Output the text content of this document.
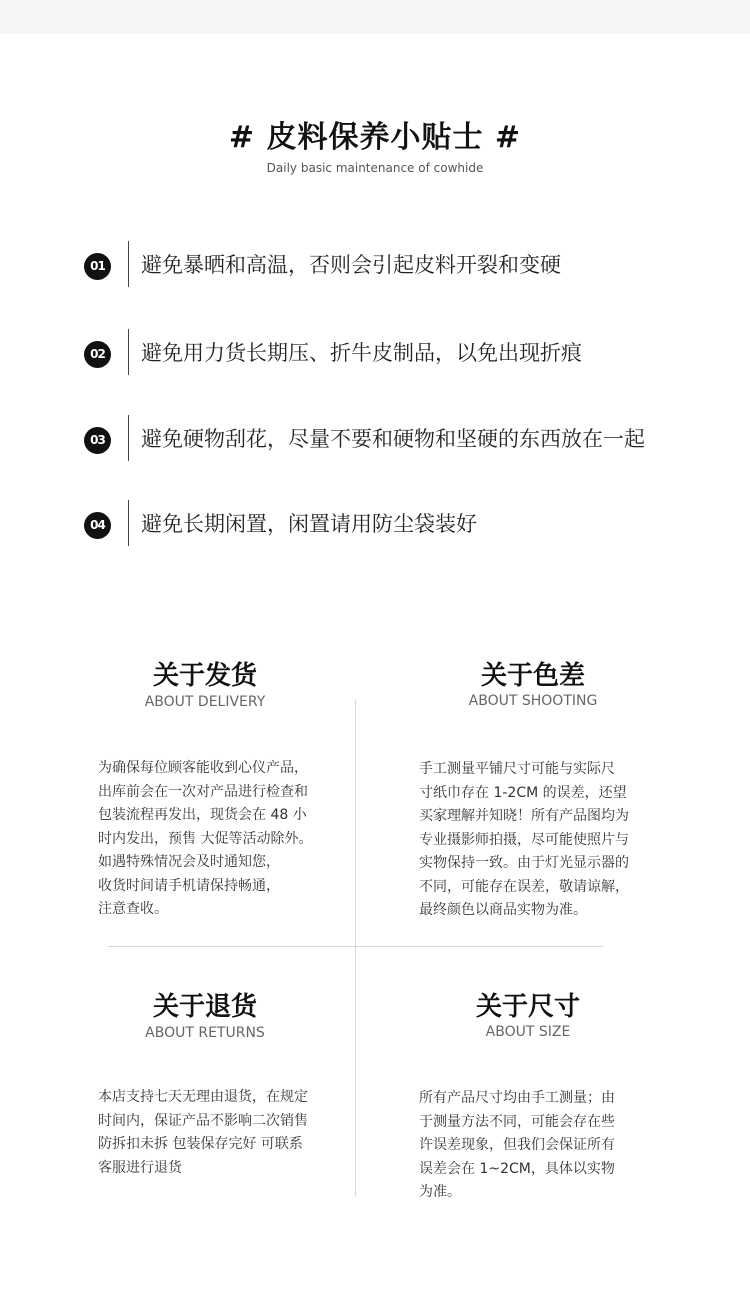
# 皮料保养小贴士 #
Daily basic maintenance of cowhide
01 避免暴晒和高温，否则会引起皮料开裂和变硬
02 避免用力货长期压、折牛皮制品，以免出现折痕
03 避免硬物刮花，尽量不要和硬物和坚硬的东西放在一起
04 避免长期闲置，闲置请用防尘袋装好
关于发货
ABOUT DELIVERY
为确保每位顾客能收到心仪产品，
出库前会在一次对产品进行检查和
包装流程再发出，现货会在 48 小
时内发出，预售 大促等活动除外。
如遇特殊情况会及时通知您，
收货时间请手机请保持畅通，
注意查收。
关于色差
ABOUT SHOOTING
手工测量平铺尺寸可能与实际尺
寸纸巾存在 1-2CM 的误差，还望
买家理解并知晓！所有产品图均为
专业摄影师拍摄，尽可能使照片与
实物保持一致。由于灯光显示器的
不同，可能存在误差，敬请谅解，
最终颜色以商品实物为准。
关于退货
ABOUT RETURNS
本店支持七天无理由退货，在规定
时间内，保证产品不影响二次销售
防拆扣未拆 包装保存完好 可联系
客服进行退货
关于尺寸
ABOUT SIZE
所有产品尺寸均由手工测量；由
于测量方法不同，可能会存在些
许误差现象，但我们会保证所有
误差会在 1~2CM，具体以实物
为准。
